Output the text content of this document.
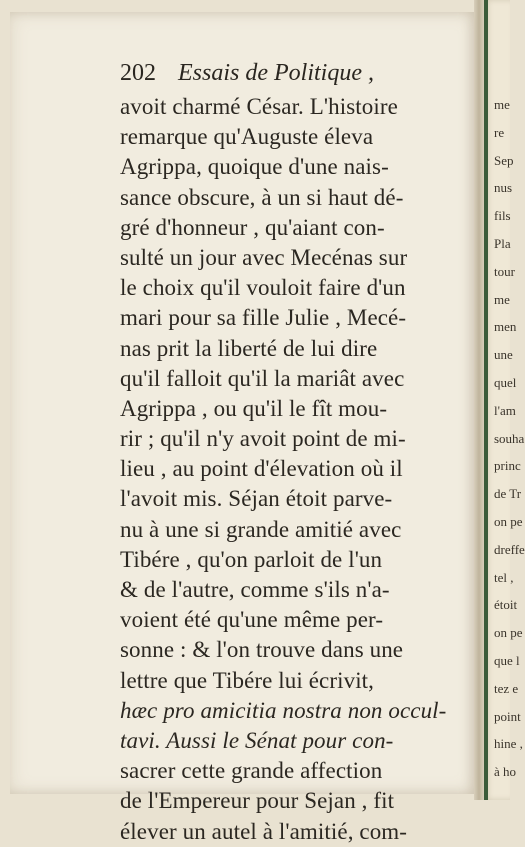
me
re
Sep
nus
fils
Pla
tour
me
men
une
quel
l'am
souha
princ
de Tr
on pe
dreffe
tel ,
étoit
on pe
que l
tez e
point
hine ,
à ho
202 Essais de Politique ,
avoit charmé César. L'histoire
remarque qu'Auguste éleva
Agrippa, quoique d'une nais-
sance obscure, à un si haut dé-
gré d'honneur , qu'aiant con-
sulté un jour avec Mecénas sur
le choix qu'il vouloit faire d'un
mari pour sa fille Julie , Mecé-
nas prit la liberté de lui dire
qu'il falloit qu'il la mariât avec
Agrippa , ou qu'il le fît mou-
rir ; qu'il n'y avoit point de mi-
lieu , au point d'élevation où il
l'avoit mis. Séjan étoit parve-
nu à une si grande amitié avec
Tibére , qu'on parloit de l'un
& de l'autre, comme s'ils n'a-
voient été qu'une même per-
sonne : & l'on trouve dans une
lettre que Tibére lui écrivit,
hæc pro amicitia nostra non occul-
tavi. Aussi le Sénat pour con-
sacrer cette grande affection
de l'Empereur pour Sejan , fit
élever un autel à l'amitié, com-
